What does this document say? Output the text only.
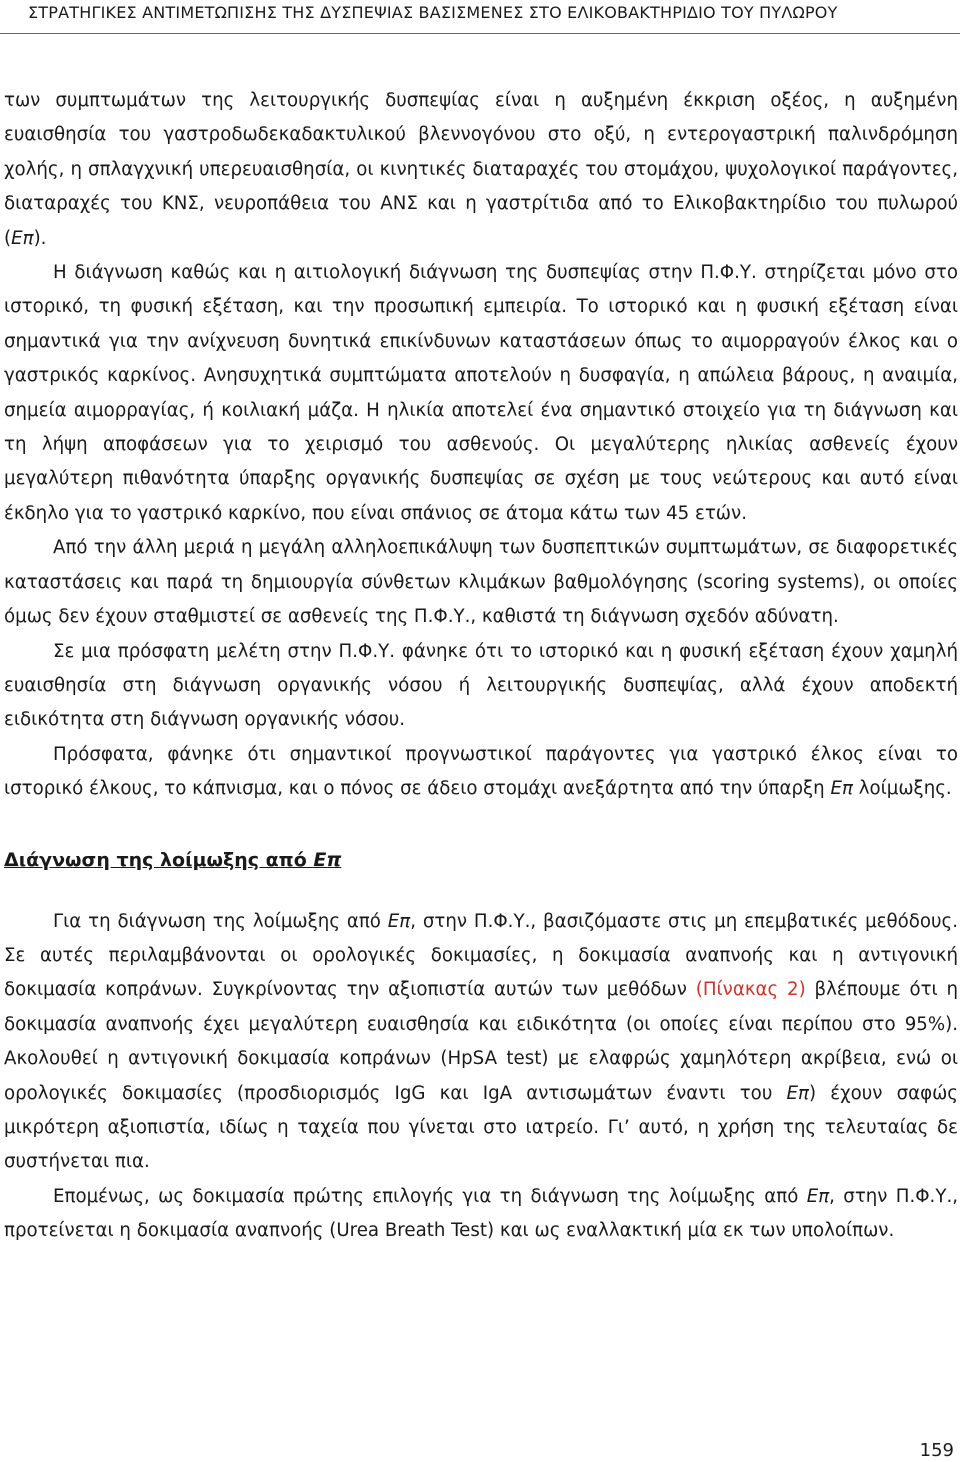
ΣΤΡΑΤΗΓΙΚΕΣ ΑΝΤΙΜΕΤΩΠΙΣΗΣ ΤΗΣ ΔΥΣΠΕΨΙΑΣ ΒΑΣΙΣΜΕΝΕΣ ΣΤΟ ΕΛΙΚΟΒΑΚΤΗΡΙΔΙΟ ΤΟΥ ΠΥΛΩΡΟΥ

των συμπτωμάτων της λειτουργικής δυσπεψίας είναι η αυξημένη έκκριση οξέος, η αυξημένη ευαισθησία του γαστροδωδεκαδακτυλικού βλεννογόνου στο οξύ, η εντερογαστρική παλινδρόμηση χολής, η σπλαγχνική υπερευαισθησία, οι κινητικές διαταραχές του στομάχου, ψυχολογικοί παράγοντες, διαταραχές του ΚΝΣ, νευροπάθεια του ΑΝΣ και η γαστρίτιδα από το Ελικοβακτηρίδιο του πυλωρού (Επ).

Η διάγνωση καθώς και η αιτιολογική διάγνωση της δυσπεψίας στην Π.Φ.Υ. στηρίζεται μόνο στο ιστορικό, τη φυσική εξέταση, και την προσωπική εμπειρία. Το ιστορικό και η φυσική εξέταση είναι σημαντικά για την ανίχνευση δυνητικά επικίνδυνων καταστάσεων όπως το αιμορραγούν έλκος και ο γαστρικός καρκίνος. Ανησυχητικά συμπτώματα αποτελούν η δυσφαγία, η απώλεια βάρους, η αναιμία, σημεία αιμορραγίας, ή κοιλιακή μάζα. Η ηλικία αποτελεί ένα σημαντικό στοιχείο για τη διάγνωση και τη λήψη αποφάσεων για το χειρισμό του ασθενούς. Οι μεγαλύτερης ηλικίας ασθενείς έχουν μεγαλύτερη πιθανότητα ύπαρξης οργανικής δυσπεψίας σε σχέση με τους νεώτερους και αυτό είναι έκδηλο για το γαστρικό καρκίνο, που είναι σπάνιος σε άτομα κάτω των 45 ετών.

Από την άλλη μεριά η μεγάλη αλληλοεπικάλυψη των δυσπεπτικών συμπτωμάτων, σε διαφορετικές καταστάσεις και παρά τη δημιουργία σύνθετων κλιμάκων βαθμολόγησης (scoring systems), οι οποίες όμως δεν έχουν σταθμιστεί σε ασθενείς της Π.Φ.Υ., καθιστά τη διάγνωση σχεδόν αδύνατη.

Σε μια πρόσφατη μελέτη στην Π.Φ.Υ. φάνηκε ότι το ιστορικό και η φυσική εξέταση έχουν χαμηλή ευαισθησία στη διάγνωση οργανικής νόσου ή λειτουργικής δυσπεψίας, αλλά έχουν αποδεκτή ειδικότητα στη διάγνωση οργανικής νόσου.

Πρόσφατα, φάνηκε ότι σημαντικοί προγνωστικοί παράγοντες για γαστρικό έλκος είναι το ιστορικό έλκους, το κάπνισμα, και ο πόνος σε άδειο στομάχι ανεξάρτητα από την ύπαρξη Επ λοίμωξης.

Διάγνωση της λοίμωξης από Επ

Για τη διάγνωση της λοίμωξης από Επ, στην Π.Φ.Υ., βασιζόμαστε στις μη επεμβατικές μεθόδους. Σε αυτές περιλαμβάνονται οι ορολογικές δοκιμασίες, η δοκιμασία αναπνοής και η αντιγονική δοκιμασία κοπράνων. Συγκρίνοντας την αξιοπιστία αυτών των μεθόδων (Πίνακας 2) βλέπουμε ότι η δοκιμασία αναπνοής έχει μεγαλύτερη ευαισθησία και ειδικότητα (οι οποίες είναι περίπου στο 95%). Ακολουθεί η αντιγονική δοκιμασία κοπράνων (HpSA test) με ελαφρώς χαμηλότερη ακρίβεια, ενώ οι ορολογικές δοκιμασίες (προσδιορισμός IgG και IgA αντισωμάτων έναντι του Επ) έχουν σαφώς μικρότερη αξιοπιστία, ιδίως η ταχεία που γίνεται στο ιατρείο. Γι’ αυτό, η χρήση της τελευταίας δε συστήνεται πια.

Επομένως, ως δοκιμασία πρώτης επιλογής για τη διάγνωση της λοίμωξης από Επ, στην Π.Φ.Υ., προτείνεται η δοκιμασία αναπνοής (Urea Breath Test) και ως εναλλακτική μία εκ των υπολοίπων.

159
